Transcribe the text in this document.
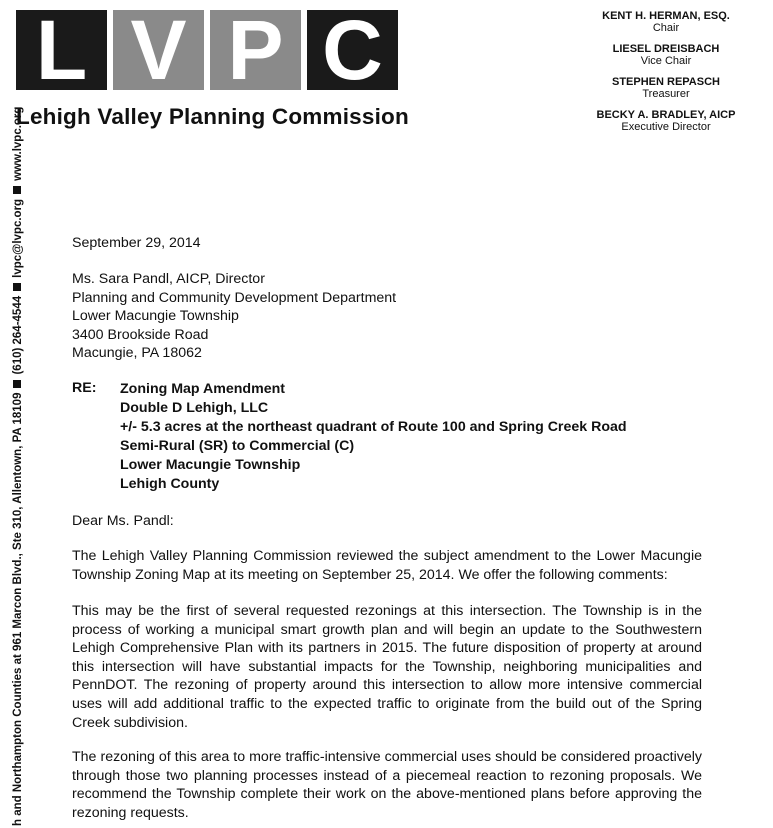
L V P C
Lehigh Valley Planning Commission
KENT H. HERMAN, ESQ.
Chair
LIESEL DREISBACH
Vice Chair
STEPHEN REPASCH
Treasurer
BECKY A. BRADLEY, AICP
Executive Director
h and Northampton Counties at 961 Marcon Blvd., Ste 310, Allentown, PA 18109(610) 264-4544lvpc@lvpc.orgwww.lvpc.org
September 29, 2014
Ms. Sara Pandl, AICP, Director
Planning and Community Development Department
Lower Macungie Township
3400 Brookside Road
Macungie, PA 18062
RE: Zoning Map Amendment
Double D Lehigh, LLC
+/- 5.3 acres at the northeast quadrant of Route 100 and Spring Creek Road
Semi-Rural (SR) to Commercial (C)
Lower Macungie Township
Lehigh County
Dear Ms. Pandl:
The Lehigh Valley Planning Commission reviewed the subject amendment to the Lower Macungie
Township Zoning Map at its meeting on September 25, 2014. We offer the following comments:
This may be the first of several requested rezonings at this intersection. The Township is in the
process of working a municipal smart growth plan and will begin an update to the Southwestern
Lehigh Comprehensive Plan with its partners in 2015. The future disposition of property at around
this intersection will have substantial impacts for the Township, neighboring municipalities and
PennDOT. The rezoning of property around this intersection to allow more intensive commercial
uses will add additional traffic to the expected traffic to originate from the build out of the Spring
Creek subdivision.
The rezoning of this area to more traffic-intensive commercial uses should be considered proactively
through those two planning processes instead of a piecemeal reaction to rezoning proposals. We
recommend the Township complete their work on the above-mentioned plans before approving the
rezoning requests.
